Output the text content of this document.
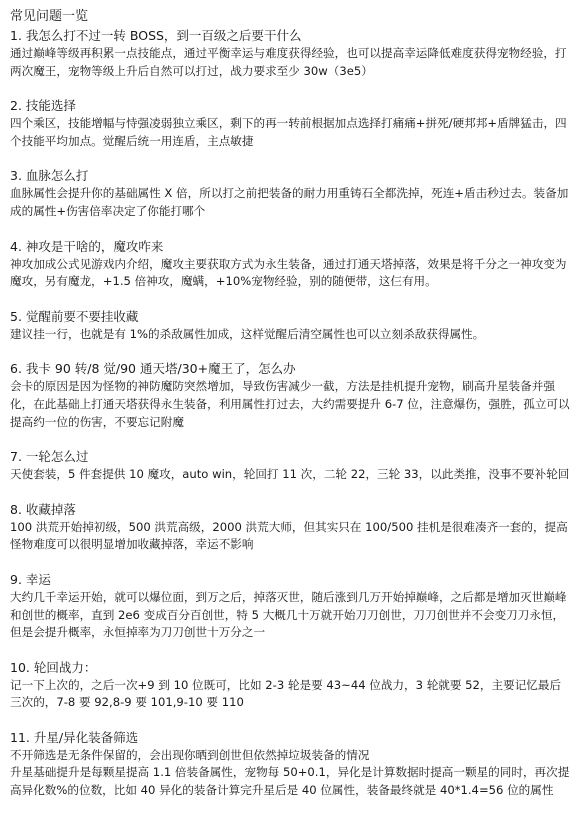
常见问题一览

1. 我怎么打不过一转 BOSS，到一百级之后要干什么

通过巅峰等级再积累一点技能点，通过平衡幸运与难度获得经验，也可以提高幸运降低难度获得宠物经验，打两次魔王，宠物等级上升后自然可以打过，战力要求至少 30w（3e5）

2. 技能选择

四个乘区，技能增幅与恃强凌弱独立乘区，剩下的再一转前根据加点选择打痛痛+拼死/硬邦邦+盾牌猛击，四个技能平均加点。觉醒后统一用连盾，主点敏捷

3. 血脉怎么打

血脉属性会提升你的基础属性 X 倍，所以打之前把装备的耐力用重铸石全都洗掉，死连+盾击秒过去。装备加成的属性+伤害倍率决定了你能打哪个

4. 神攻是干啥的，魔攻咋来

神攻加成公式见游戏内介绍，魔攻主要获取方式为永生装备，通过打通天塔掉落，效果是将千分之一神攻变为魔攻，另有魔龙，+1.5 倍神攻，魔螨，+10%宠物经验，别的随便带，这仨有用。

5. 觉醒前要不要挂收藏

建议挂一行，也就是有 1%的杀敌属性加成，这样觉醒后清空属性也可以立刻杀敌获得属性。

6. 我卡 90 转/8 觉/90 通天塔/30+魔王了，怎么办

会卡的原因是因为怪物的神防魔防突然增加，导致伤害减少一截，方法是挂机提升宠物，刷高升星装备并强化，在此基础上打通天塔获得永生装备，利用属性打过去，大约需要提升 6-7 位，注意爆伤，强胜，孤立可以提高约一位的伤害，不要忘记附魔

7. 一轮怎么过

天使套装，5 件套提供 10 魔攻，auto win，轮回打 11 次，二轮 22，三轮 33，以此类推，没事不要补轮回

8. 收藏掉落

100 洪荒开始掉初级，500 洪荒高级，2000 洪荒大师，但其实只在 100/500 挂机是很难凑齐一套的，提高怪物难度可以很明显增加收藏掉落，幸运不影响

9. 幸运

大约几千幸运开始，就可以爆位面，到万之后，掉落灭世，随后涨到几万开始掉巅峰，之后都是增加灭世巅峰和创世的概率，直到 2e6 变成百分百创世，特 5 大概几十万就开始刀刀创世，刀刀创世并不会变刀刀永恒，但是会提升概率，永恒掉率为刀刀创世十万分之一

10. 轮回战力：

记一下上次的，之后一次+9 到 10 位既可，比如 2-3 轮是要 43~44 位战力，3 轮就要 52，主要记忆最后三次的，7-8 要 92,8-9 要 101,9-10 要 110

11. 升星/异化装备筛选

不开筛选是无条件保留的，会出现你晒到创世但依然掉垃圾装备的情况

升星基础提升是每颗星提高 1.1 倍装备属性，宠物每 50+0.1，异化是计算数据时提高一颗星的同时，再次提高异化数%的位数，比如 40 异化的装备计算完升星后是 40 位属性，装备最终就是 40*1.4=56 位的属性
